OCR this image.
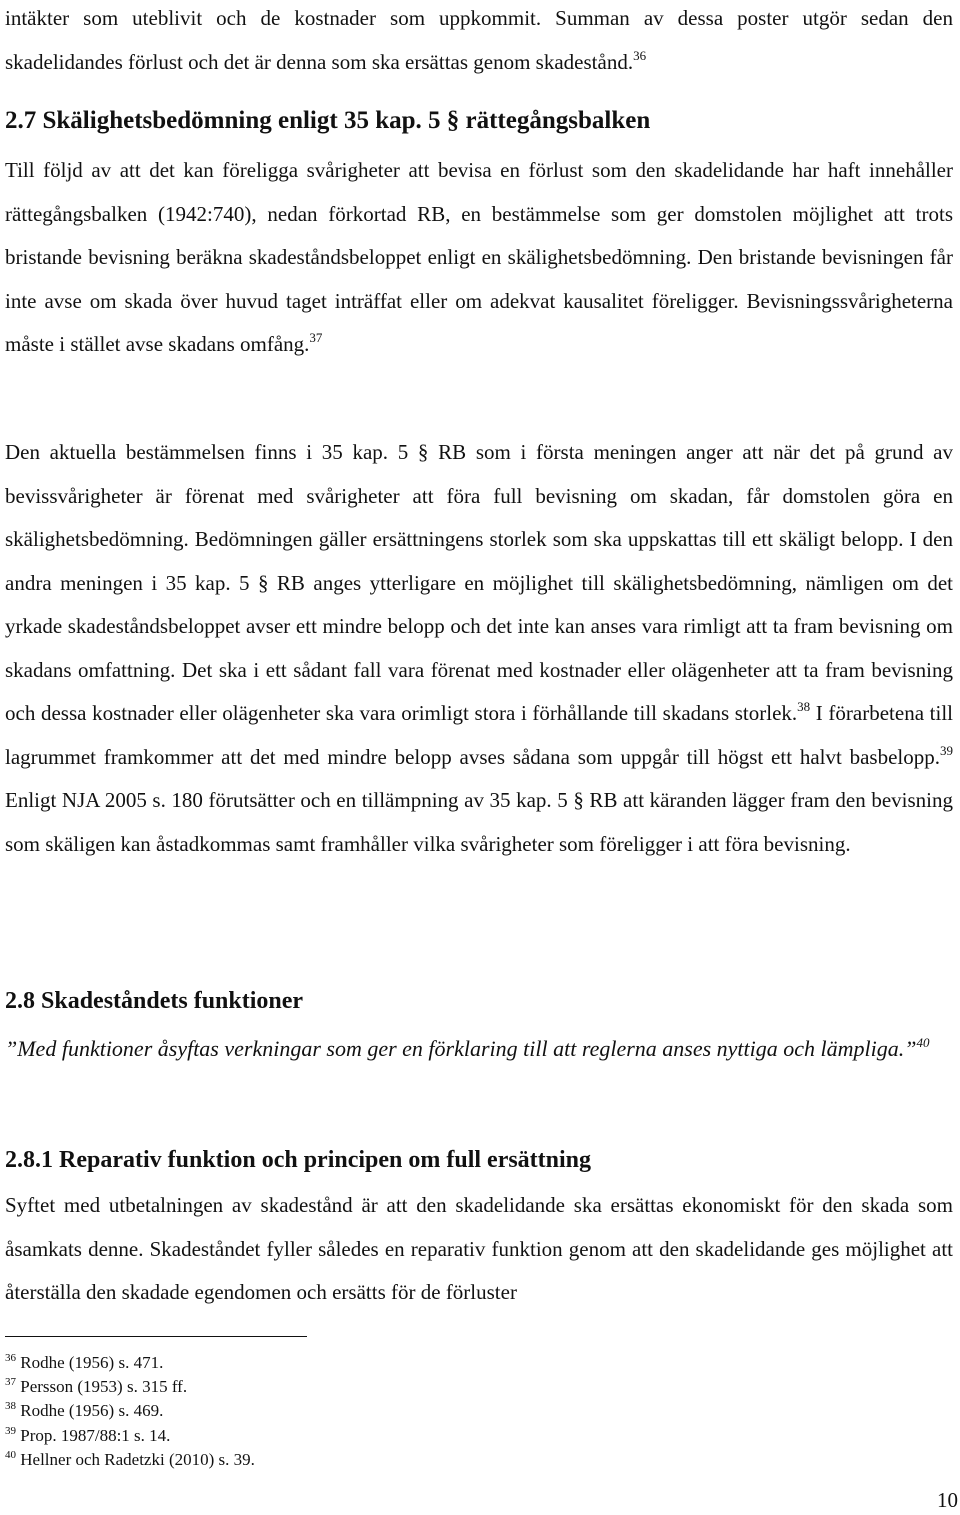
intäkter som uteblivit och de kostnader som uppkommit. Summan av dessa poster utgör sedan den skadelidandes förlust och det är denna som ska ersättas genom skadestånd.$^{36}$

2.7 Skälighetsbedömning enligt 35 kap. 5 § rättegångsbalken

Till följd av att det kan föreligga svårigheter att bevisa en förlust som den skadelidande har haft innehåller rättegångsbalken (1942:740), nedan förkortad RB, en bestämmelse som ger domstolen möjlighet att trots bristande bevisning beräkna skadeståndsbeloppet enligt en skälighetsbedömning. Den bristande bevisningen får inte avse om skada över huvud taget inträffat eller om adekvat kausalitet föreligger. Bevisningssvårigheterna måste i stället avse skadans omfång.$^{37}$

Den aktuella bestämmelsen finns i 35 kap. 5 § RB som i första meningen anger att när det på grund av bevissvårigheter är förenat med svårigheter att föra full bevisning om skadan, får domstolen göra en skälighetsbedömning. Bedömningen gäller ersättningens storlek som ska uppskattas till ett skäligt belopp. I den andra meningen i 35 kap. 5 § RB anges ytterligare en möjlighet till skälighetsbedömning, nämligen om det yrkade skadeståndsbeloppet avser ett mindre belopp och det inte kan anses vara rimligt att ta fram bevisning om skadans omfattning. Det ska i ett sådant fall vara förenat med kostnader eller olägenheter att ta fram bevisning och dessa kostnader eller olägenheter ska vara orimligt stora i förhållande till skadans storlek.$^{38}$ I förarbetena till lagrummet framkommer att det med mindre belopp avses sådana som uppgår till högst ett halvt basbelopp.$^{39}$ Enligt NJA 2005 s. 180 förutsätter och en tillämpning av 35 kap. 5 § RB att käranden lägger fram den bevisning som skäligen kan åstadkommas samt framhåller vilka svårigheter som föreligger i att föra bevisning.

2.8 Skadeståndets funktioner

”Med funktioner åsyftas verkningar som ger en förklaring till att reglerna anses nyttiga och lämpliga.”$^{40}$

2.8.1 Reparativ funktion och principen om full ersättning

Syftet med utbetalningen av skadestånd är att den skadelidande ska ersättas ekonomiskt för den skada som åsamkats denne. Skadeståndet fyller således en reparativ funktion genom att den skadelidande ges möjlighet att återställa den skadade egendomen och ersätts för de förluster

$^{36}$ Rodhe (1956) s. 471.

$^{37}$ Persson (1953) s. 315 ff.

$^{38}$ Rodhe (1956) s. 469.

$^{39}$ Prop. 1987/88:1 s. 14.

$^{40}$ Hellner och Radetzki (2010) s. 39.

10
